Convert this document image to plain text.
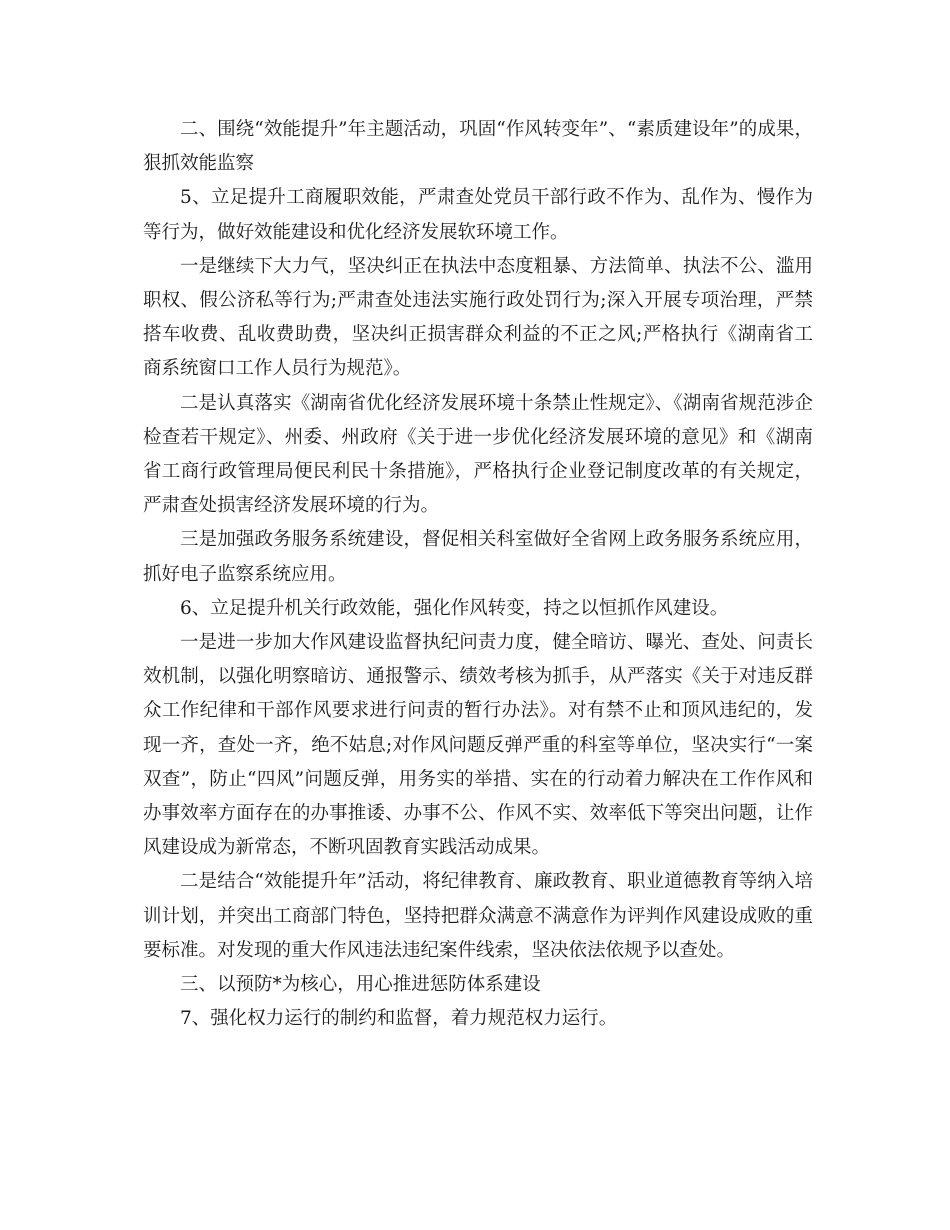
二、围绕“效能提升”年主题活动，巩固“作风转变年”、“素质建设年”的成果，狠抓效能监察

5、立足提升工商履职效能，严肃查处党员干部行政不作为、乱作为、慢作为等行为，做好效能建设和优化经济发展软环境工作。

一是继续下大力气，坚决纠正在执法中态度粗暴、方法简单、执法不公、滥用职权、假公济私等行为;严肃查处违法实施行政处罚行为;深入开展专项治理，严禁搭车收费、乱收费助费，坚决纠正损害群众利益的不正之风;严格执行《湖南省工商系统窗口工作人员行为规范》。

二是认真落实《湖南省优化经济发展环境十条禁止性规定》、《湖南省规范涉企检查若干规定》、州委、州政府《关于进一步优化经济发展环境的意见》和《湖南省工商行政管理局便民利民十条措施》，严格执行企业登记制度改革的有关规定，严肃查处损害经济发展环境的行为。

三是加强政务服务系统建设，督促相关科室做好全省网上政务服务系统应用，抓好电子监察系统应用。

6、立足提升机关行政效能，强化作风转变，持之以恒抓作风建设。

一是进一步加大作风建设监督执纪问责力度，健全暗访、曝光、查处、问责长效机制，以强化明察暗访、通报警示、绩效考核为抓手，从严落实《关于对违反群众工作纪律和干部作风要求进行问责的暂行办法》。对有禁不止和顶风违纪的，发现一齐，查处一齐，绝不姑息;对作风问题反弹严重的科室等单位，坚决实行“一案双查”，防止“四风”问题反弹，用务实的举措、实在的行动着力解决在工作作风和办事效率方面存在的办事推诿、办事不公、作风不实、效率低下等突出问题，让作风建设成为新常态，不断巩固教育实践活动成果。

二是结合“效能提升年”活动，将纪律教育、廉政教育、职业道德教育等纳入培训计划，并突出工商部门特色，坚持把群众满意不满意作为评判作风建设成败的重要标准。对发现的重大作风违法违纪案件线索，坚决依法依规予以查处。

三、以预防*为核心，用心推进惩防体系建设

7、强化权力运行的制约和监督，着力规范权力运行。
